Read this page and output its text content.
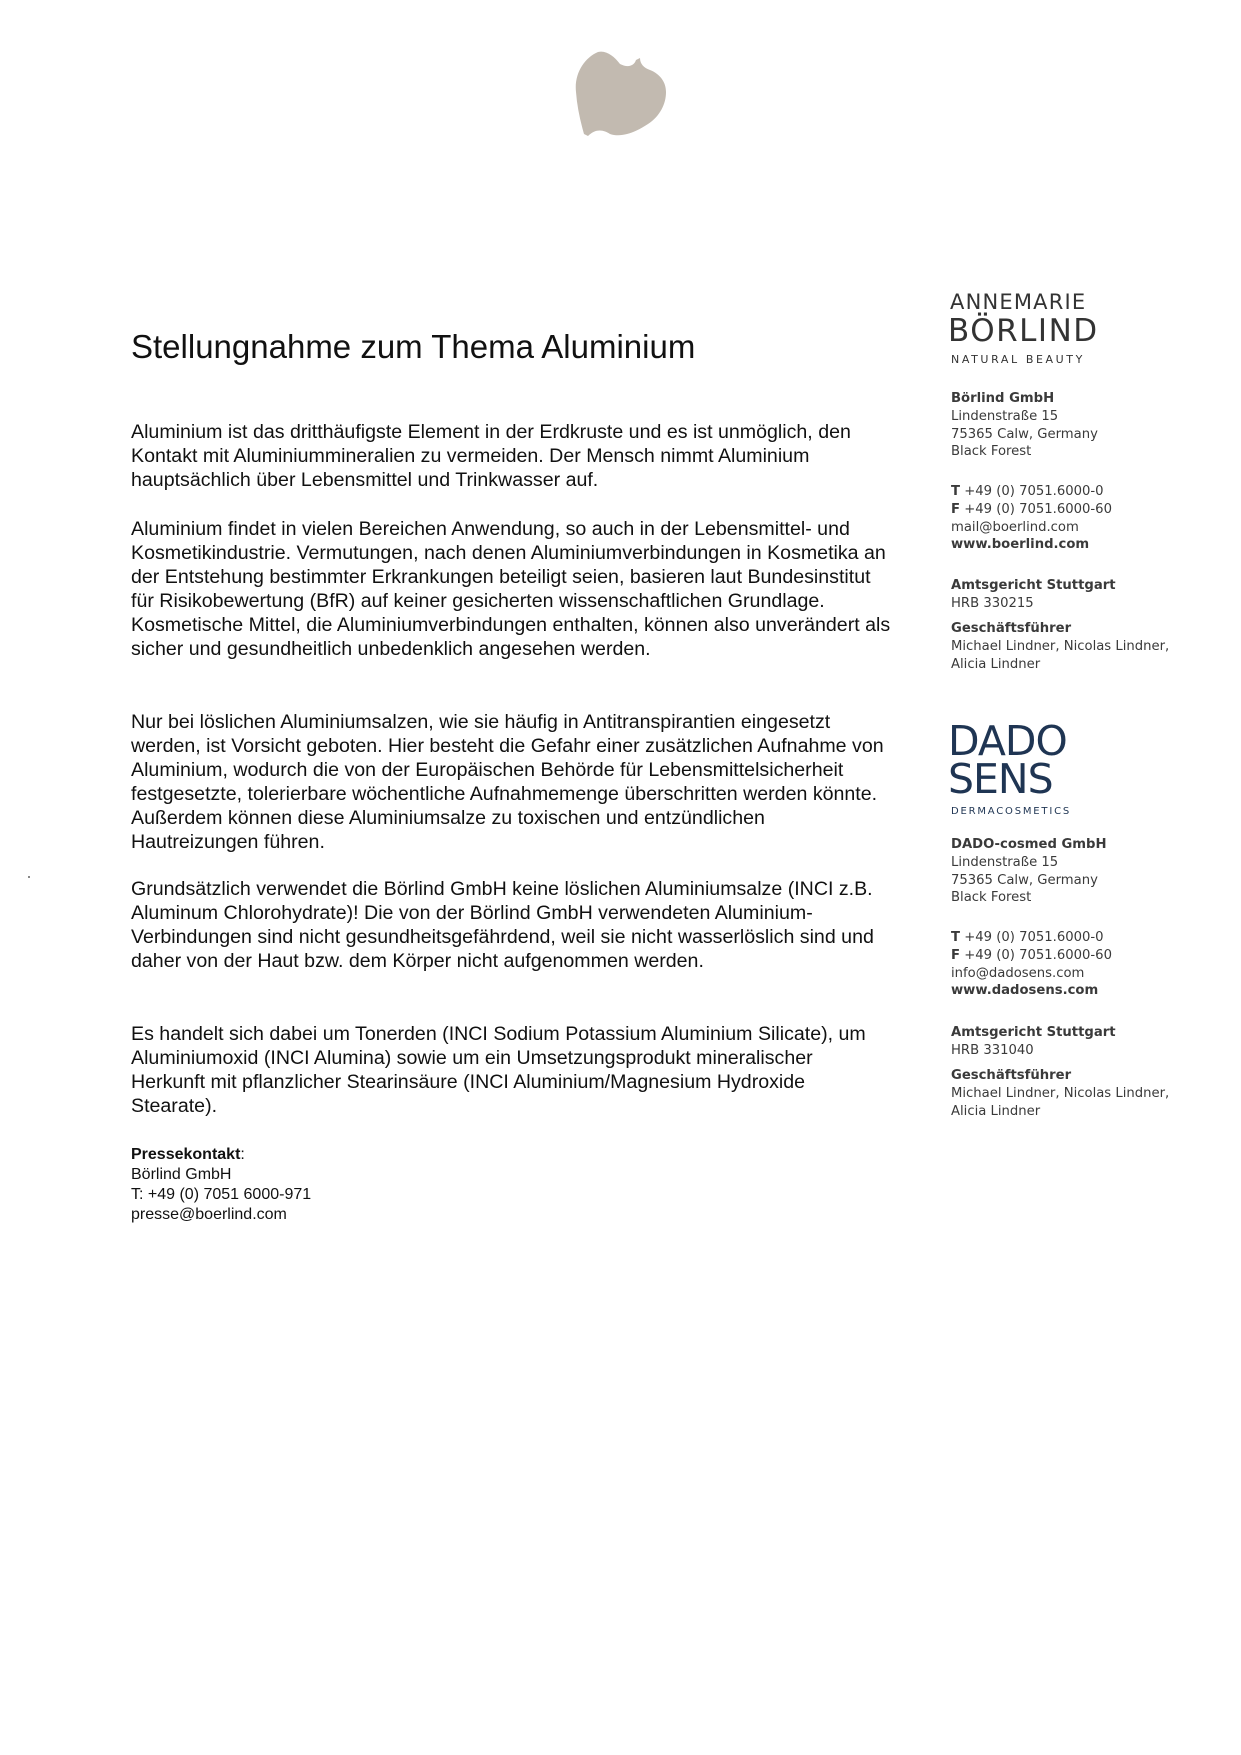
Stellungnahme zum Thema Aluminium

Aluminium ist das dritthäufigste Element in der Erdkruste und es ist unmöglich, den Kontakt mit Aluminiummineralien zu vermeiden. Der Mensch nimmt Aluminium hauptsächlich über Lebensmittel und Trinkwasser auf.

Aluminium findet in vielen Bereichen Anwendung, so auch in der Lebensmittel- und Kosmetikindustrie. Vermutungen, nach denen Aluminiumverbindungen in Kosmetika an der Entstehung bestimmter Erkrankungen beteiligt seien, basieren laut Bundesinstitut für Risikobewertung (BfR) auf keiner gesicherten wissenschaftlichen Grundlage. Kosmetische Mittel, die Aluminiumverbindungen enthalten, können also unverändert als sicher und gesundheitlich unbedenklich angesehen werden.

Nur bei löslichen Aluminiumsalzen, wie sie häufig in Antitranspirantien eingesetzt werden, ist Vorsicht geboten. Hier besteht die Gefahr einer zusätzlichen Aufnahme von Aluminium, wodurch die von der Europäischen Behörde für Lebensmittelsicherheit festgesetzte, tolerierbare wöchentliche Aufnahmemenge überschritten werden könnte. Außerdem können diese Aluminiumsalze zu toxischen und entzündlichen Hautreizungen führen.

Grundsätzlich verwendet die Börlind GmbH keine löslichen Aluminiumsalze (INCI z.B. Aluminum Chlorohydrate)! Die von der Börlind GmbH verwendeten Aluminium-Verbindungen sind nicht gesundheitsgefährdend, weil sie nicht wasserlöslich sind und daher von der Haut bzw. dem Körper nicht aufgenommen werden.

Es handelt sich dabei um Tonerden (INCI Sodium Potassium Aluminium Silicate), um Aluminiumoxid (INCI Alumina) sowie um ein Umsetzungsprodukt mineralischer Herkunft mit pflanzlicher Stearinsäure (INCI Aluminium/Magnesium Hydroxide Stearate).

Pressekontakt:
Börlind GmbH
T: +49 (0) 7051 6000-971
presse@boerlind.com
ANNEMARIE
BÖRLIND
NATURAL BEAUTY
Börlind GmbH
Lindenstraße 15
75365 Calw, Germany
Black Forest
T +49 (0) 7051.6000-0
F +49 (0) 7051.6000-60
mail@boerlind.com
www.boerlind.com
Amtsgericht Stuttgart
HRB 330215
Geschäftsführer
Michael Lindner, Nicolas Lindner,
Alicia Lindner
DADO
SENS
DERMACOSMETICS
DADO-cosmed GmbH
Lindenstraße 15
75365 Calw, Germany
Black Forest
T +49 (0) 7051.6000-0
F +49 (0) 7051.6000-60
info@dadosens.com
www.dadosens.com
Amtsgericht Stuttgart
HRB 331040
Geschäftsführer
Michael Lindner, Nicolas Lindner,
Alicia Lindner
